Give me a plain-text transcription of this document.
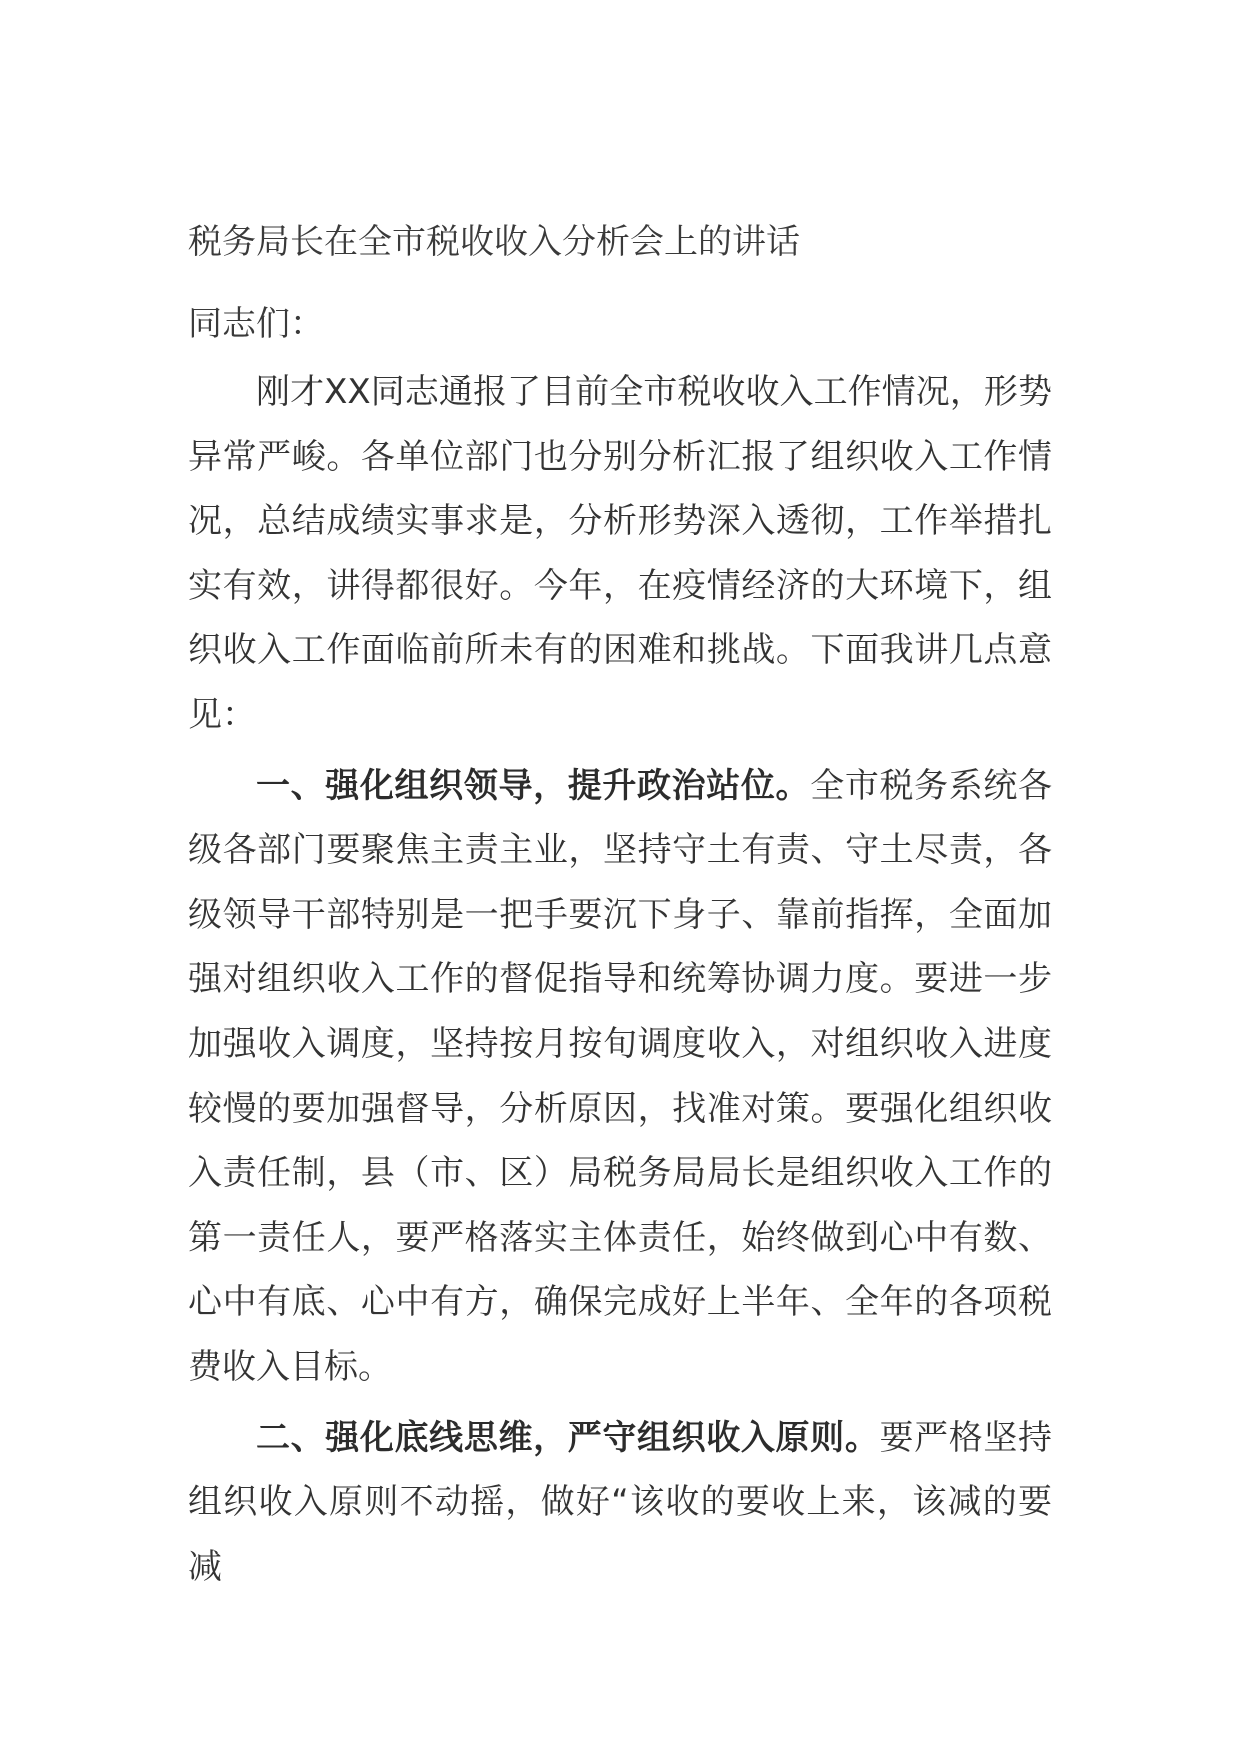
税务局长在全市税收收入分析会上的讲话

同志们：

刚才XX同志通报了目前全市税收收入工作情况，形势异常严峻。各单位部门也分别分析汇报了组织收入工作情况，总结成绩实事求是，分析形势深入透彻，工作举措扎实有效，讲得都很好。今年，在疫情经济的大环境下，组织收入工作面临前所未有的困难和挑战。下面我讲几点意见：

一、强化组织领导，提升政治站位。全市税务系统各级各部门要聚焦主责主业，坚持守土有责、守土尽责，各级领导干部特别是一把手要沉下身子、靠前指挥，全面加强对组织收入工作的督促指导和统筹协调力度。要进一步加强收入调度，坚持按月按旬调度收入，对组织收入进度较慢的要加强督导，分析原因，找准对策。要强化组织收入责任制，县（市、区）局税务局局长是组织收入工作的第一责任人，要严格落实主体责任，始终做到心中有数、心中有底、心中有方，确保完成好上半年、全年的各项税费收入目标。

二、强化底线思维，严守组织收入原则。要严格坚持组织收入原则不动摇，做好“该收的要收上来，该减的要减
